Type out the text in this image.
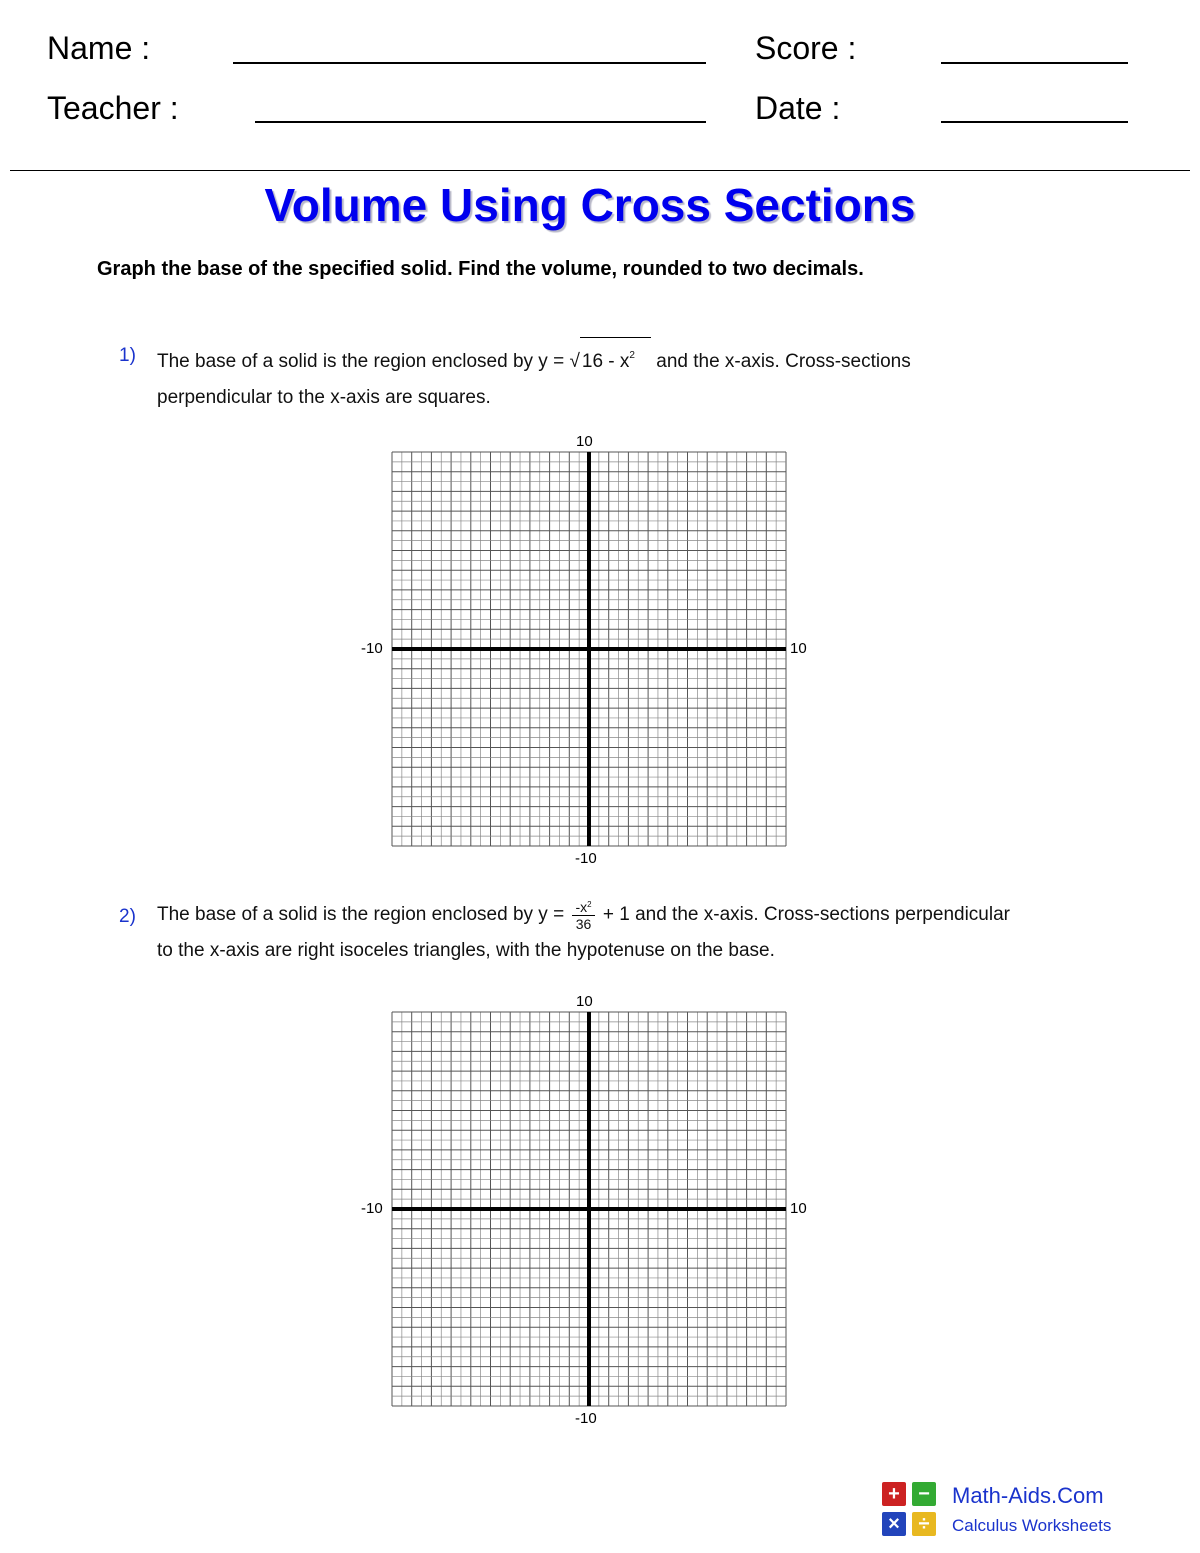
Name :	Score :
Teacher :	Date :
Volume Using Cross Sections
Graph the base of the specified solid. Find the volume, rounded to two decimals.
1) The base of a solid is the region enclosed by y = √ $16 - x^2$ and the x-axis. Cross-sections
perpendicular to the x-axis are squares.
10
-10	10
-10
2) The base of a solid is the region enclosed by $y = \frac{-x^2}{36} + 1$ and the x-axis. Cross-sections perpendicular
to the x-axis are right isoceles triangles, with the hypotenuse on the base.
10
-10	10
-10
+ −
× ÷
Math-Aids.Com
Calculus Worksheets
